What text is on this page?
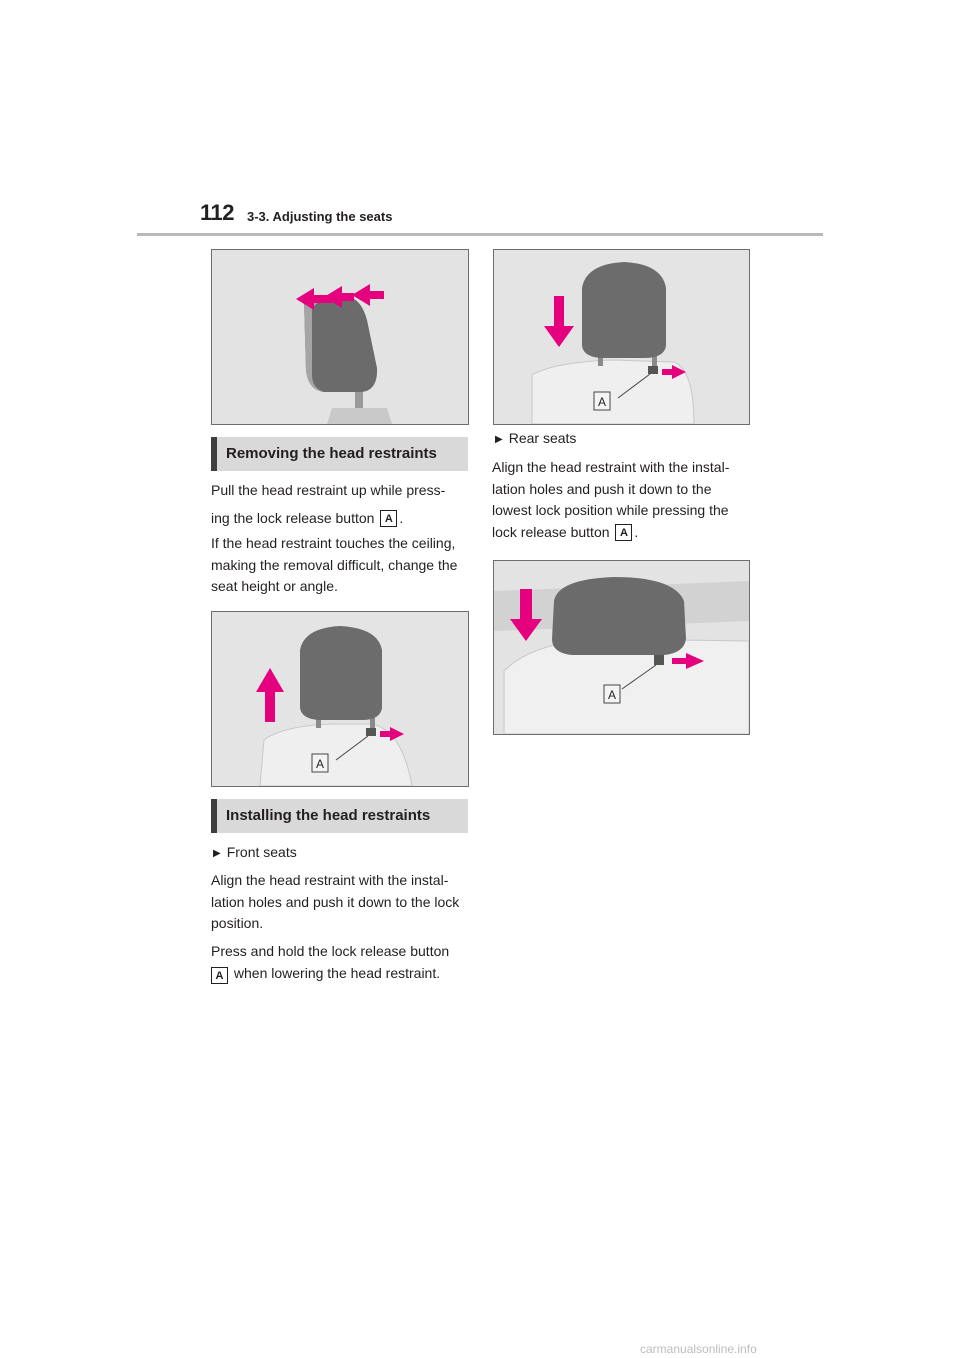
112 3-3. Adjusting the seats
A
Removing the head restraints
Pull the head restraint up while press-
ing the lock release button A .
If the head restraint touches the ceiling, making the removal difficult, change the seat height or angle.
A
Installing the head restraints
▶ Front seats
Align the head restraint with the instal- lation holes and push it down to the lock position.
Press and hold the lock release button
A when lowering the head restraint.
▶ Rear seats
Align the head restraint with the instal- lation holes and push it down to the lowest lock position while pressing the lock release button A .
A
carmanualsonline.info
